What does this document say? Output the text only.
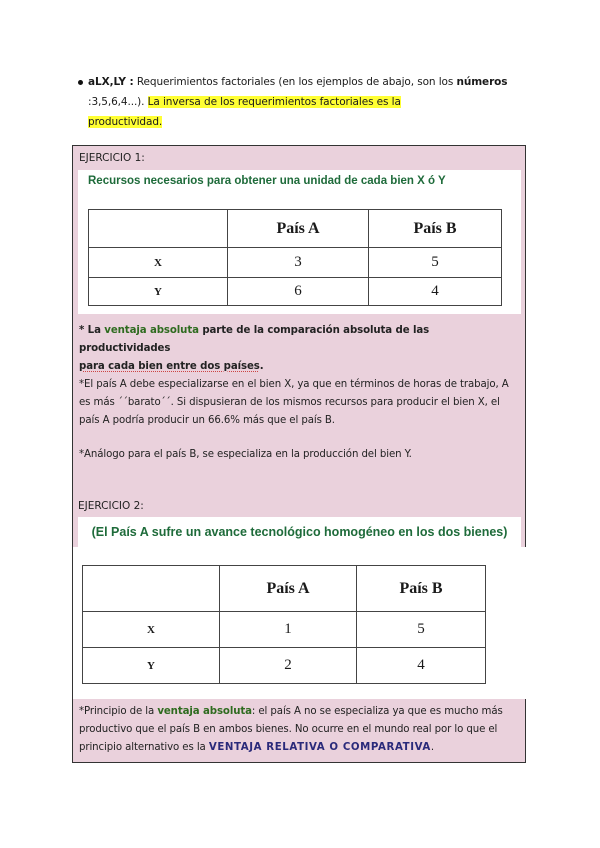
aLX,LY : Requerimientos factoriales (en los ejemplos de abajo, son los números :3,5,6,4...). La inversa de los requerimientos factoriales es la
productividad.
EJERCICIO 1:
Recursos necesarios para obtener una unidad de cada bien X ó Y
	País A	País B
X	3	5
Y	6	4
* La ventaja absoluta parte de la comparación absoluta de las productividades
para cada bien entre dos países.
*El país A debe especializarse en el bien X, ya que en términos de horas de trabajo, A es más ´´barato´´. Si dispusieran de los mismos recursos para producir el bien X, el país A podría producir un 66.6% más que el país B.
*Análogo para el país B, se especializa en la producción del bien Y.
EJERCICIO 2:
(El País A sufre un avance tecnológico homogéneo en los dos bienes)
	País A	País B
X	1	5
Y	2	4
*Principio de la ventaja absoluta: el país A no se especializa ya que es mucho más productivo que el país B en ambos bienes. No ocurre en el mundo real por lo que el principio alternativo es la VENTAJA RELATIVA O COMPARATIVA.
